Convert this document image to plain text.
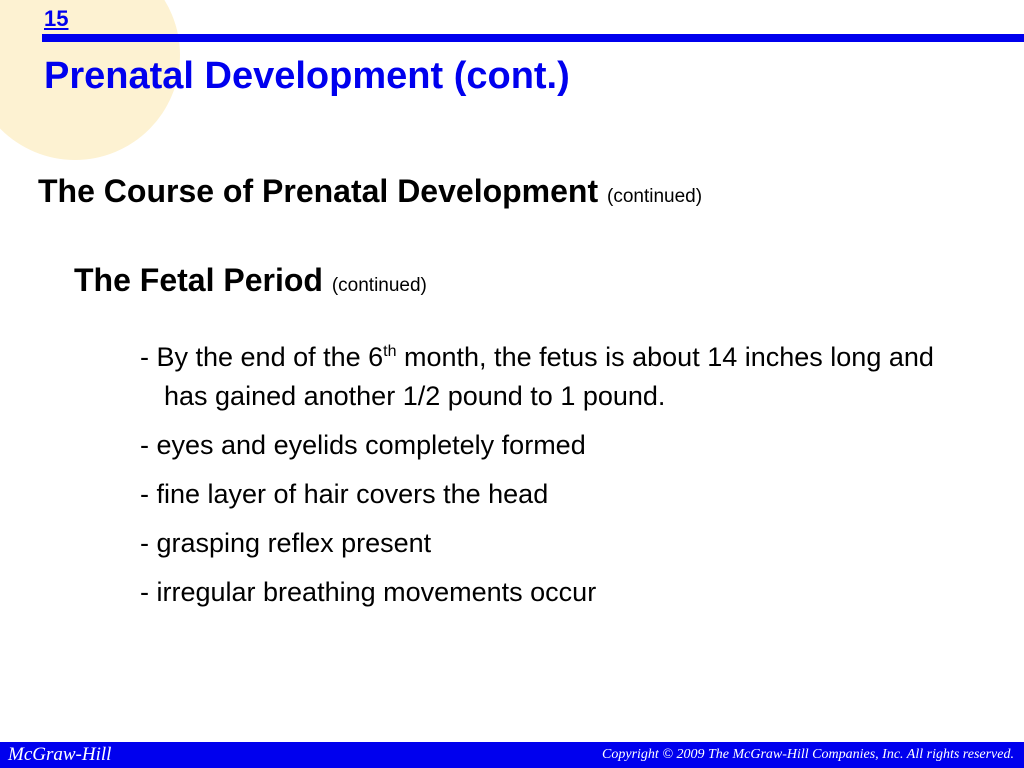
15
Prenatal Development (cont.)
The Course of Prenatal Development (continued)
The Fetal Period (continued)
- By the end of the 6th month, the fetus is about 14 inches long and has gained another 1/2 pound to 1 pound.
- eyes and eyelids completely formed
- fine layer of hair covers the head
- grasping reflex present
- irregular breathing movements occur
McGraw-Hill	Copyright © 2009 The McGraw-Hill Companies, Inc. All rights reserved.
